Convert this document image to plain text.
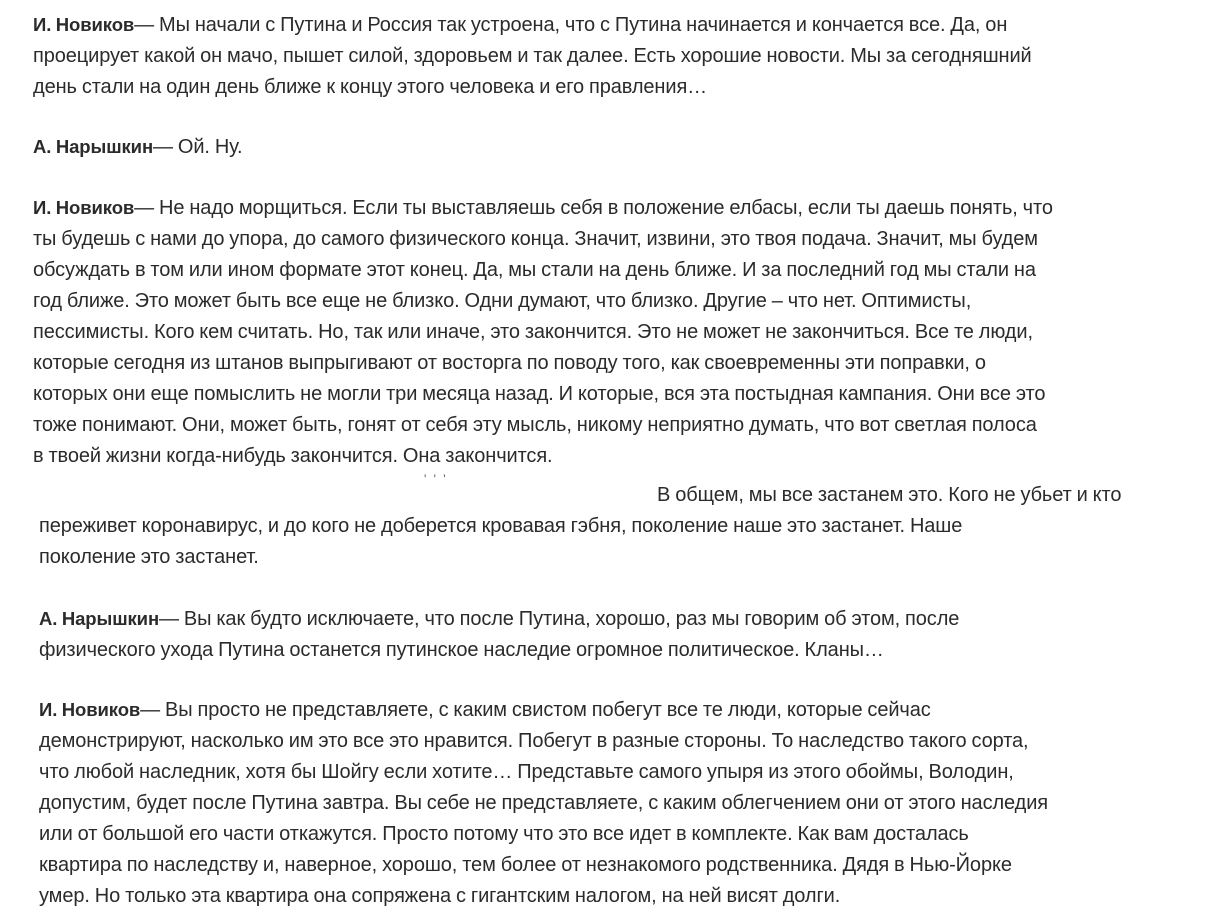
И. Новиков— Мы начали с Путина и Россия так устроена, что с Путина начинается и кончается все. Да, он
проецирует какой он мачо, пышет силой, здоровьем и так далее. Есть хорошие новости. Мы за сегодняшний
день стали на один день ближе к концу этого человека и его правления…

А. Нарышкин— Ой. Ну.

И. Новиков— Не надо морщиться. Если ты выставляешь себя в положение елбасы, если ты даешь понять, что
ты будешь с нами до упора, до самого физического конца. Значит, извини, это твоя подача. Значит, мы будем
обсуждать в том или ином формате этот конец. Да, мы стали на день ближе. И за последний год мы стали на
год ближе. Это может быть все еще не близко. Одни думают, что близко. Другие – что нет. Оптимисты,
пессимисты. Кого кем считать. Но, так или иначе, это закончится. Это не может не закончиться. Все те люди,
которые сегодня из штанов выпрыгивают от восторга по поводу того, как своевременны эти поправки, о
которых они еще помыслить не могли три месяца назад. И которые, вся эта постыдная кампания. Они все это
тоже понимают. Они, может быть, гонят от себя эту мысль, никому неприятно думать, что вот светлая полоса
в твоей жизни когда-нибудь закончится. Она закончится.

' ' '

В общем, мы все застанем это. Кого не убьет и кто
переживет коронавирус, и до кого не доберется кровавая гэбня, поколение наше это застанет. Наше
поколение это застанет.

А. Нарышкин— Вы как будто исключаете, что после Путина, хорошо, раз мы говорим об этом, после
физического ухода Путина останется путинское наследие огромное политическое. Кланы…

И. Новиков— Вы просто не представляете, с каким свистом побегут все те люди, которые сейчас
демонстрируют, насколько им это все это нравится. Побегут в разные стороны. То наследство такого сорта,
что любой наследник, хотя бы Шойгу если хотите… Представьте самого упыря из этого обоймы, Володин,
допустим, будет после Путина завтра. Вы себе не представляете, с каким облегчением они от этого наследия
или от большой его части откажутся. Просто потому что это все идет в комплекте. Как вам досталась
квартира по наследству и, наверное, хорошо, тем более от незнакомого родственника. Дядя в Нью-Йорке
умер. Но только эта квартира она сопряжена с гигантским налогом, на ней висят долги.
